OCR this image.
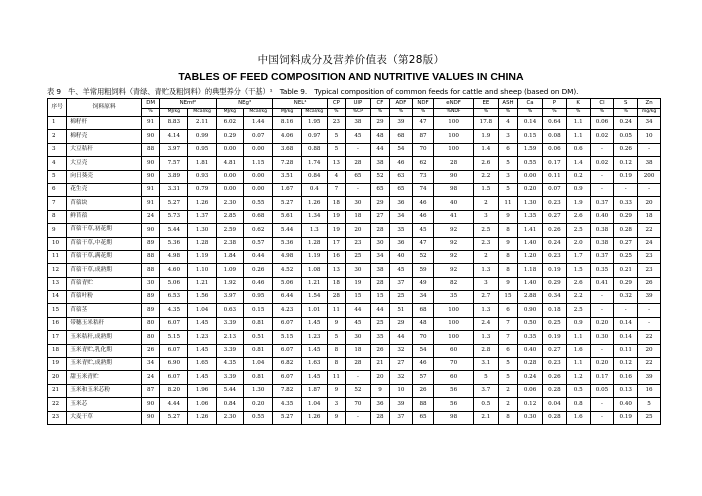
中国饲料成分及营养价值表（第28版）
TABLES OF FEED COMPOSITION AND NUTRITIVE VALUES IN CHINA
表 9　牛、羊常用粗饲料（青绿、青贮及粗饲料）的典型养分（干基）¹　Table 9.　Typical composition of common feeds for cattle and sheep (based on DM).
序号	饲料原料	DM	NEmf²		NEg³		NEL⁴		CP	UIP	CF	ADF	NDF	eNDF	EE	ASH	Ca	P	K	Cl	S	Zn
		%	MJ/kg	Mcal/kg	MJ/kg	Mcal/kg	MJ/kg	Mcal/kg	%	%CP	%	%	%	%NDF	%	%	%	%	%	%	%	mg/kg
1	棉籽杆	91	8.83	2.11	6.02	1.44	8.16	1.95	23	38	29	39	47	100	17.8	4	0.14	0.64	1.1	0.06	0.24	34
2	棉籽壳	90	4.14	0.99	0.29	0.07	4.06	0.97	5	45	48	68	87	100	1.9	3	0.15	0.08	1.1	0.02	0.05	10
3	大豆秸秆	88	3.97	0.95	0.00	0.00	3.68	0.88	5	-	44	54	70	100	1.4	6	1.59	0.06	0.6	-	0.26	-
4	大豆壳	90	7.57	1.81	4.81	1.15	7.28	1.74	13	28	38	46	62	28	2.6	5	0.55	0.17	1.4	0.02	0.12	38
5	向日葵壳	90	3.89	0.93	0.00	0.00	3.51	0.84	4	65	52	63	73	90	2.2	3	0.00	0.11	0.2	-	0.19	200
6	花生壳	91	3.31	0.79	0.00	0.00	1.67	0.4	7	-	65	65	74	98	1.5	5	0.20	0.07	0.9	-	-	-
7	苜蓿块	91	5.27	1.26	2.30	0.55	5.27	1.26	18	30	29	36	46	40	2	11	1.30	0.23	1.9	0.37	0.33	20
8	鲜苜蓿	24	5.73	1.37	2.85	0.68	5.61	1.34	19	18	27	34	46	41	3	9	1.35	0.27	2.6	0.40	0.29	18
9	苜蓿干草,初花期	90	5.44	1.30	2.59	0.62	5.44	1.3	19	20	28	35	45	92	2.5	8	1.41	0.26	2.5	0.38	0.28	22
10	苜蓿干草,中花期	89	5.36	1.28	2.38	0.57	5.36	1.28	17	23	30	36	47	92	2.3	9	1.40	0.24	2.0	0.38	0.27	24
11	苜蓿干草,满花期	88	4.98	1.19	1.84	0.44	4.98	1.19	16	25	34	40	52	92	2	8	1.20	0.23	1.7	0.37	0.25	23
12	苜蓿干草,成熟期	88	4.60	1.10	1.09	0.26	4.52	1.08	13	30	38	45	59	92	1.3	8	1.18	0.19	1.5	0.35	0.21	23
13	苜蓿青贮	30	5.06	1.21	1.92	0.46	5.06	1.21	18	19	28	37	49	82	3	9	1.40	0.29	2.6	0.41	0.29	26
14	苜蓿叶粉	89	6.53	1.56	3.97	0.95	6.44	1.54	28	15	15	25	34	35	2.7	15	2.88	0.34	2.2	-	0.32	39
15	苜蓿茎	89	4.35	1.04	0.63	0.15	4.23	1.01	11	44	44	51	68	100	1.3	6	0.90	0.18	2.5	-	-	-
16	带穗玉米秸秆	80	6.07	1.45	3.39	0.81	6.07	1.45	9	45	25	29	48	100	2.4	7	0.50	0.25	0.9	0.20	0.14	-
17	玉米秸秆,成熟期	80	5.15	1.23	2.13	0.51	5.15	1.23	5	30	35	44	70	100	1.3	7	0.35	0.19	1.1	0.30	0.14	22
18	玉米青贮,乳化期	26	6.07	1.45	3.39	0.81	6.07	1.45	8	18	26	32	54	60	2.8	6	0.40	0.27	1.6	-	0.11	20
19	玉米青贮,成熟期	34	6.90	1.65	4.35	1.04	6.82	1.63	8	28	21	27	46	70	3.1	5	0.28	0.23	1.1	0.20	0.12	22
20	甜玉米青贮	24	6.07	1.45	3.39	0.81	6.07	1.45	11	-	20	32	57	60	5	5	0.24	0.26	1.2	0.17	0.16	39
21	玉米和玉米芯粉	87	8.20	1.96	5.44	1.30	7.82	1.87	9	52	9	10	26	56	3.7	2	0.06	0.28	0.5	0.05	0.13	16
22	玉米芯	90	4.44	1.06	0.84	0.20	4.35	1.04	3	70	36	39	88	56	0.5	2	0.12	0.04	0.8	-	0.40	5
23	大麦干草	90	5.27	1.26	2.30	0.55	5.27	1.26	9	-	28	37	65	98	2.1	8	0.30	0.28	1.6	-	0.19	25
